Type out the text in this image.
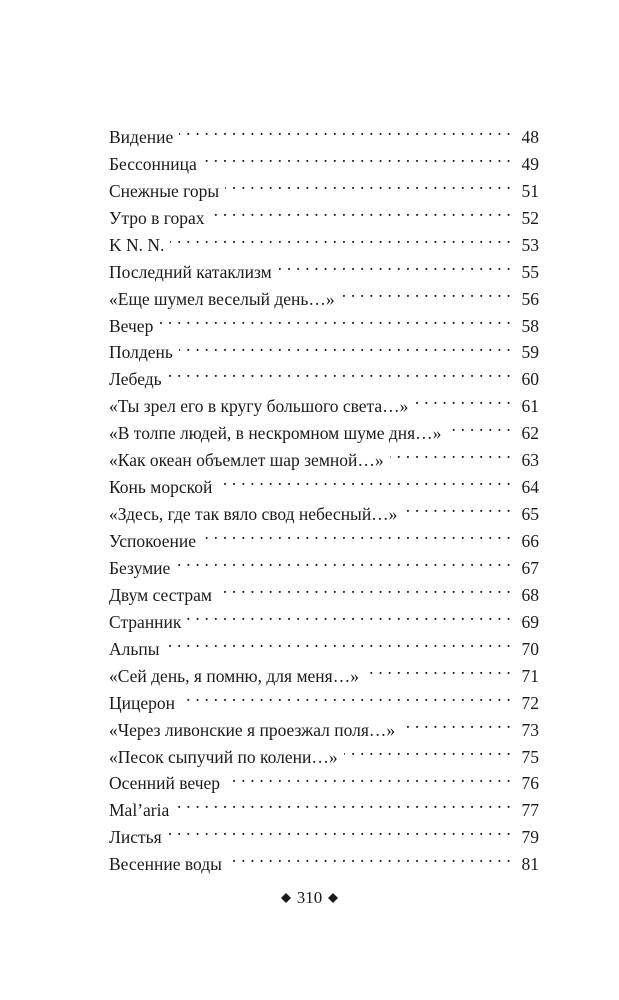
Видение . . .	48
Бессонница . . .	49
Снежные горы . . .	51
Утро в горах . . .	52
K N. N. . . .	53
Последний катаклизм . . .	55
«Еще шумел веселый день…» . . .	56
Вечер . . .	58
Полдень . . .	59
Лебедь . . .	60
«Ты зрел его в кругу большого света…» . . .	61
«В толпе людей, в нескромном шуме дня…» . . .	62
«Как океан объемлет шар земной…» . . .	63
Конь морской . . .	64
«Здесь, где так вяло свод небесный…» . . .	65
Успокоение . . .	66
Безумие . . .	67
Двум сестрам . . .	68
Странник . . .	69
Альпы . . .	70
«Сей день, я помню, для меня…» . . .	71
Цицерон . . .	72
«Через ливонские я проезжал поля…» . . .	73
«Песок сыпучий по колени…» . . .	75
Осенний вечер . . .	76
Mal’aria . . .	77
Листья . . .	79
Весенние воды . . .	81
310
